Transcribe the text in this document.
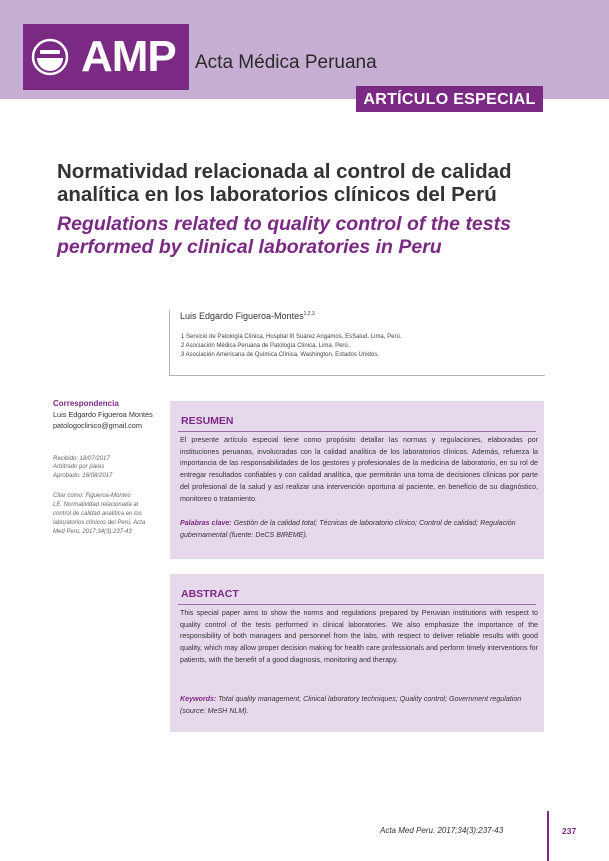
AMP Acta Médica Peruana
ARTÍCULO ESPECIAL
Normatividad relacionada al control de calidad analítica en los laboratorios clínicos del Perú
Regulations related to quality control of the tests performed by clinical laboratories in Peru
Luis Edgardo Figueroa-Montes$^{1,2,3}$
1 Servicio de Patología Clínica, Hospital III Suárez Angamos, EsSalud. Lima, Perú.
2 Asociación Médica Peruana de Patología Clínica. Lima, Perú.
3 Asociación Americana de Química Clínica. Washington, Estados Unidos.
Correspondencia
Luis Edgardo Figueroa Montes
patologoclinico@gmail.com
Recibido: 18/07/2017
Arbitrado por pares
Aprobado: 16/08/2017
Citar como: Figueroa-Montes
LE. Normatividad relacionada al
control de calidad analítica en los
laboratorios clínicos del Perú. Acta
Med Peru. 2017;34(3):237-43
RESUMEN
El presente artículo especial tiene como propósito detallar las normas y regulaciones, elaboradas por instituciones peruanas, involucradas con la calidad analítica de los laboratorios clínicos. Además, refuerza la importancia de las responsabilidades de los gestores y profesionales de la medicina de laboratorio, en su rol de entregar resultados confiables y con calidad analítica, que permitirán una toma de decisiones clínicas por parte del profesional de la salud y así realizar una intervención oportuna al paciente, en beneficio de su diagnóstico, monitoreo o tratamiento.
Palabras clave: Gestión de la calidad total; Técnicas de laboratorio clínico; Control de calidad; Regulación gubernamental (fuente: DeCS BIREME).
ABSTRACT
This special paper aims to show the norms and regulations prepared by Peruvian institutions with respect to quality control of the tests performed in clinical laboratories. We also emphasize the importance of the responsibility of both managers and personnel from the labs, with respect to deliver reliable results with good quality, which may allow proper decision making for health care professionals and perform timely interventions for patients, with the benefit of a good diagnosis, monitoring and therapy.
Keywords: Total quality management, Clinical laboratory techniques; Quality control; Government regulation (source: MeSH NLM).
Acta Med Peru. 2017;34(3):237-43	237
